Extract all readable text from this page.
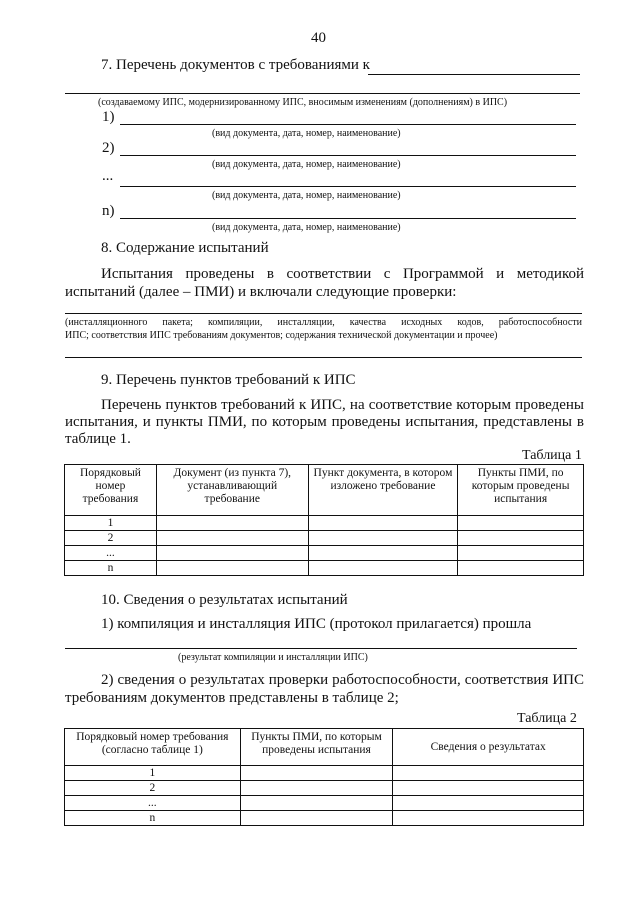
40
7. Перечень документов с требованиями к
(создаваемому ИПС, модернизированному ИПС, вносимым изменениям (дополнениям) в ИПС)
1)
(вид документа, дата, номер, наименование)
2)
(вид документа, дата, номер, наименование)
...
(вид документа, дата, номер, наименование)
n)
(вид документа, дата, номер, наименование)
8. Содержание испытаний
Испытания проведены в соответствии с Программой и методикой
испытаний (далее – ПМИ) и включали следующие проверки:
(инсталляционного пакета; компиляции, инсталляции, качества исходных кодов, работоспособности
ИПС; соответствия ИПС требованиям документов; содержания технической документации и прочее)
9. Перечень пунктов требований к ИПС
Перечень пунктов требований к ИПС, на соответствие которым проведены
испытания, и пункты ПМИ, по которым проведены испытания, представлены в
таблице 1.
Таблица 1
Порядковый номер требования	Документ (из пункта 7), устанавливающий требование	Пункт документа, в котором изложено требование	Пункты ПМИ, по которым проведены испытания
1			
2			
...			
n			
10. Сведения о результатах испытаний
1) компиляция и инсталляция ИПС (протокол прилагается) прошла
(результат компиляции и инсталляции ИПС)
2) сведения о результатах проверки работоспособности, соответствия ИПС
требованиям документов представлены в таблице 2;
Таблица 2
Порядковый номер требования (согласно таблице 1)	Пункты ПМИ, по которым проведены испытания	Сведения о результатах
1		
2		
...		
n		
